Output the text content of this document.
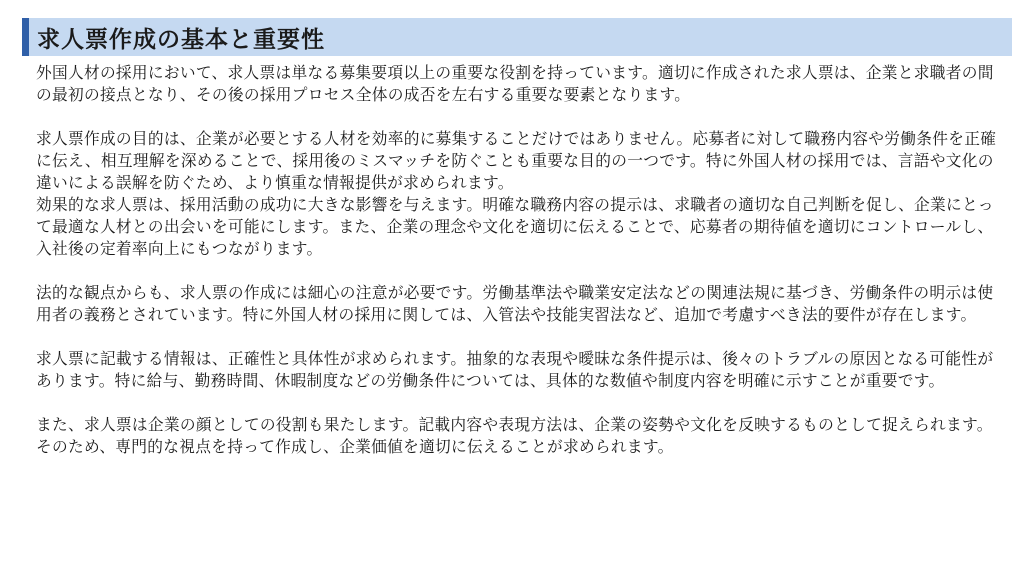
求人票作成の基本と重要性

外国人材の採用において、求人票は単なる募集要項以上の重要な役割を持っています。適切に作成された求人票は、企業と求職者の間の最初の接点となり、その後の採用プロセス全体の成否を左右する重要な要素となります。

求人票作成の目的は、企業が必要とする人材を効率的に募集することだけではありません。応募者に対して職務内容や労働条件を正確に伝え、相互理解を深めることで、採用後のミスマッチを防ぐことも重要な目的の一つです。特に外国人材の採用では、言語や文化の違いによる誤解を防ぐため、より慎重な情報提供が求められます。

効果的な求人票は、採用活動の成功に大きな影響を与えます。明確な職務内容の提示は、求職者の適切な自己判断を促し、企業にとって最適な人材との出会いを可能にします。また、企業の理念や文化を適切に伝えることで、応募者の期待値を適切にコントロールし、入社後の定着率向上にもつながります。

法的な観点からも、求人票の作成には細心の注意が必要です。労働基準法や職業安定法などの関連法規に基づき、労働条件の明示は使用者の義務とされています。特に外国人材の採用に関しては、入管法や技能実習法など、追加で考慮すべき法的要件が存在します。

求人票に記載する情報は、正確性と具体性が求められます。抽象的な表現や曖昧な条件提示は、後々のトラブルの原因となる可能性があります。特に給与、勤務時間、休暇制度などの労働条件については、具体的な数値や制度内容を明確に示すことが重要です。

また、求人票は企業の顔としての役割も果たします。記載内容や表現方法は、企業の姿勢や文化を反映するものとして捉えられます。そのため、専門的な視点を持って作成し、企業価値を適切に伝えることが求められます。
